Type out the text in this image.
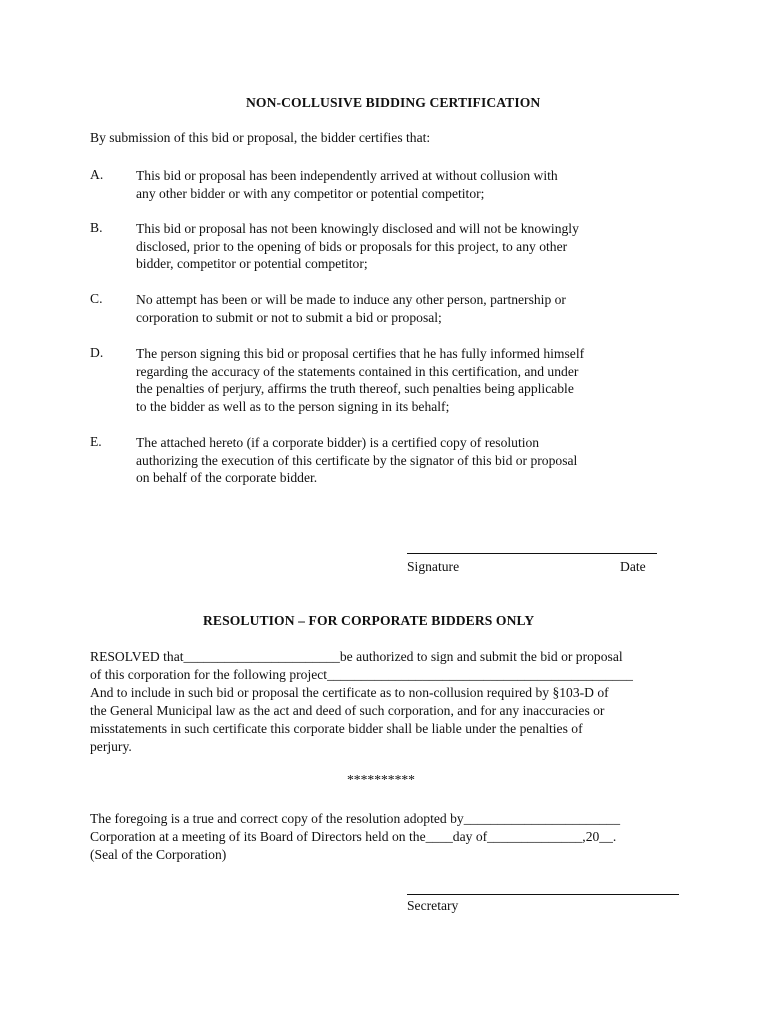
NON-COLLUSIVE BIDDING CERTIFICATION
By submission of this bid or proposal, the bidder certifies that:
A. This bid or proposal has been independently arrived at without collusion with
any other bidder or with any competitor or potential competitor;
B. This bid or proposal has not been knowingly disclosed and will not be knowingly
disclosed, prior to the opening of bids or proposals for this project, to any other
bidder, competitor or potential competitor;
C. No attempt has been or will be made to induce any other person, partnership or
corporation to submit or not to submit a bid or proposal;
D. The person signing this bid or proposal certifies that he has fully informed himself
regarding the accuracy of the statements contained in this certification, and under
the penalties of perjury, affirms the truth thereof, such penalties being applicable
to the bidder as well as to the person signing in its behalf;
E.	The attached hereto (if a corporate bidder) is a certified copy of resolution
authorizing the execution of this certificate by the signator of this bid or proposal
on behalf of the corporate bidder.
Signature	Date
RESOLUTION – FOR CORPORATE BIDDERS ONLY
RESOLVED that_______________________be authorized to sign and submit the bid or proposal
of this corporation for the following project_____________________________________________
And to include in such bid or proposal the certificate as to non-collusion required by §103-D of
the General Municipal law as the act and deed of such corporation, and for any inaccuracies or
misstatements in such certificate this corporate bidder shall be liable under the penalties of
perjury.
**********
The foregoing is a true and correct copy of the resolution adopted by_______________________
Corporation at a meeting of its Board of Directors held on the____day of______________,20__.
(Seal of the Corporation)
Secretary
